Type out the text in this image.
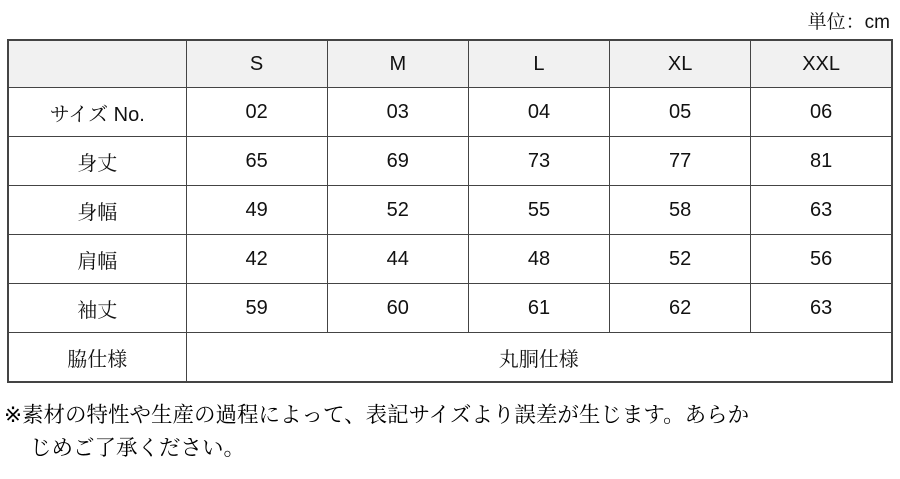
単位：cm
	S	M	L	XL	XXL
サイズ No.	02	03	04	05	06
身丈	65	69	73	77	81
身幅	49	52	55	58	63
肩幅	42	44	48	52	56
袖丈	59	60	61	62	63
脇仕様	丸胴仕様				
※素材の特性や生産の過程によって、表記サイズより誤差が生じます。あらか
じめご了承ください。
